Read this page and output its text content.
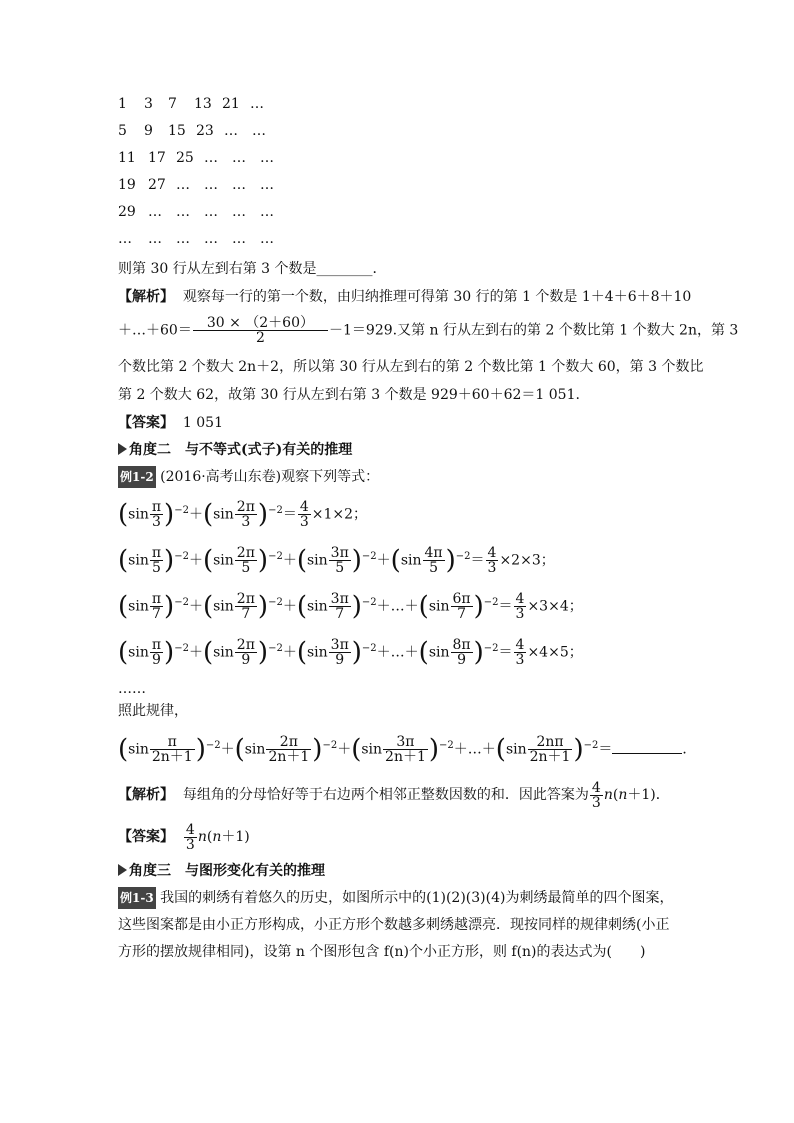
1 3 7 13 21 …
5 9 15 23 … …
11 17 25 … … …
19 27 … … … …
29 … … … … …
… … … … … …
则第 30 行从左到右第 3 个数是________．
【解析】 观察每一行的第一个数，由归纳推理可得第 30 行的第 1 个数是 1＋4＋6＋8＋10
＋…＋60＝ $\frac{30 \times (2+60)}{2} -1=929$.又第 n 行从左到右的第 2 个数比第 1 个数大 2n，第 3
个数比第 2 个数大 2n＋2，所以第 30 行从左到右的第 2 个数比第 1 个数大 60，第 3 个数比
第 2 个数大 62，故第 30 行从左到右第 3 个数是 929＋60＋62＝1 051.
【答案】 1 051
角度二　与不等式(式子)有关的推理
例1-2 (2016·高考山东卷)观察下列等式：
$(\sin \frac{\pi}{3} )^{-2}+(\sin \frac{2\pi}{3} )^{-2}= \frac{4}{3} \times 1\times 2$；
$(\sin \frac{\pi}{5} )^{-2}+(\sin \frac{2\pi}{5} )^{-2}+(\sin \frac{3\pi}{5} )^{-2}+(\sin \frac{4\pi}{5} )^{-2}= \frac{4}{3} \times 2\times 3$；
$(\sin \frac{\pi}{7} )^{-2}+(\sin \frac{2\pi}{7} )^{-2}+(\sin \frac{3\pi}{7}$ )$^{-2}$＋…＋(sin $\frac{6\pi}{7} )^{-2}= \frac{4}{3} \times 3\times 4$；
$(\sin \frac{\pi}{9} )^{-2}+(\sin \frac{2\pi}{9} )^{-2}+(\sin \frac{3\pi}{9}$ )$^{-2}$＋…＋(sin $\frac{8\pi}{9} )^{-2}= \frac{4}{3} \times 4\times 5$；
……
照此规律，
$(\sin \frac{\pi}{2n+1} )^{-2}+(\sin \frac{2\pi}{2n+1} )^{-2}+(\sin \frac{3\pi}{2n+1}$ )$^{-2}$＋…＋(sin $\frac{2n\pi}{2n+1} )^{-2}=$	．
【解析】 每组角的分母恰好等于右边两个相邻正整数因数的和．因此答案为 $\frac{4}{3} n(n+1)$．
【答案】 $\frac{4}{3} n(n+1)$
角度三　与图形变化有关的推理
例1-3 我国的刺绣有着悠久的历史，如图所示中的(1)(2)(3)(4)为刺绣最简单的四个图案，
这些图案都是由小正方形构成，小正方形个数越多刺绣越漂亮．现按同样的规律刺绣(小正
方形的摆放规律相同)，设第 n 个图形包含 f(n)个小正方形，则 f(n)的表达式为(　　)
